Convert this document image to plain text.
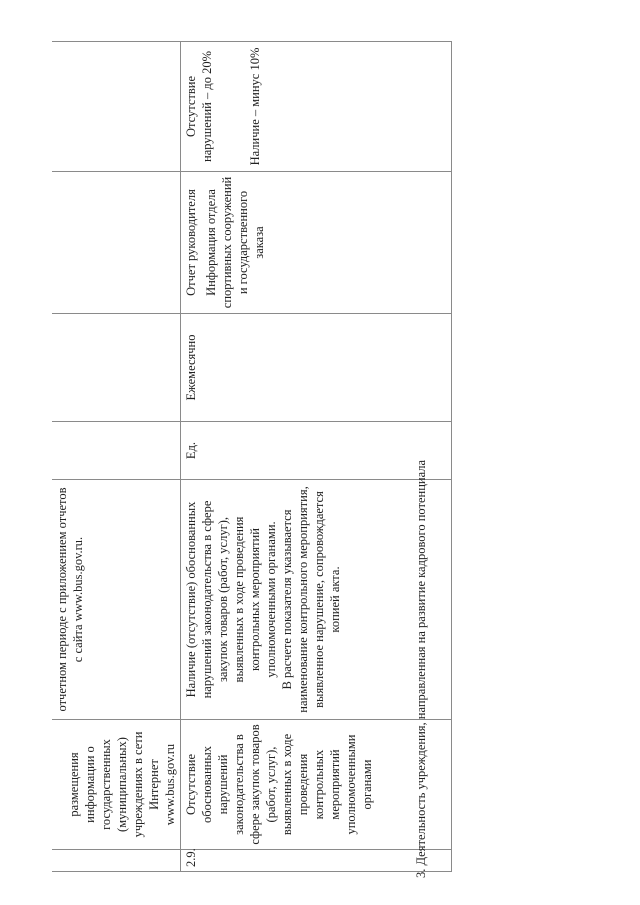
	размещения информации о государственных (муниципальных) учреждениях в сети Интернет www.bus.gov.ru	отчетном периоде с приложением отчетов с сайта www.bus.gov.ru.				
2.9.	Отсутствие обоснованных нарушений законодательства в сфере закупок товаров (работ, услуг), выявленных в ходе проведения контрольных мероприятий уполномоченными органами	Наличие (отсутствие) обоснованных нарушений законодательства в сфере закупок товаров (работ, услуг), выявленных в ходе проведения контрольных мероприятий уполномоченными органами. В расчете показателя указывается наименование контрольного мероприятия, выявленное нарушение, сопровождается копией акта.	Ед.	Ежемесячно	Отчет руководителя Информация отдела спортивных сооружений и государственного заказа	Отсутствие нарушений – до 20% Наличие – минус 10%
3. Деятельность учреждения, направленная на развитие кадрового потенциала
